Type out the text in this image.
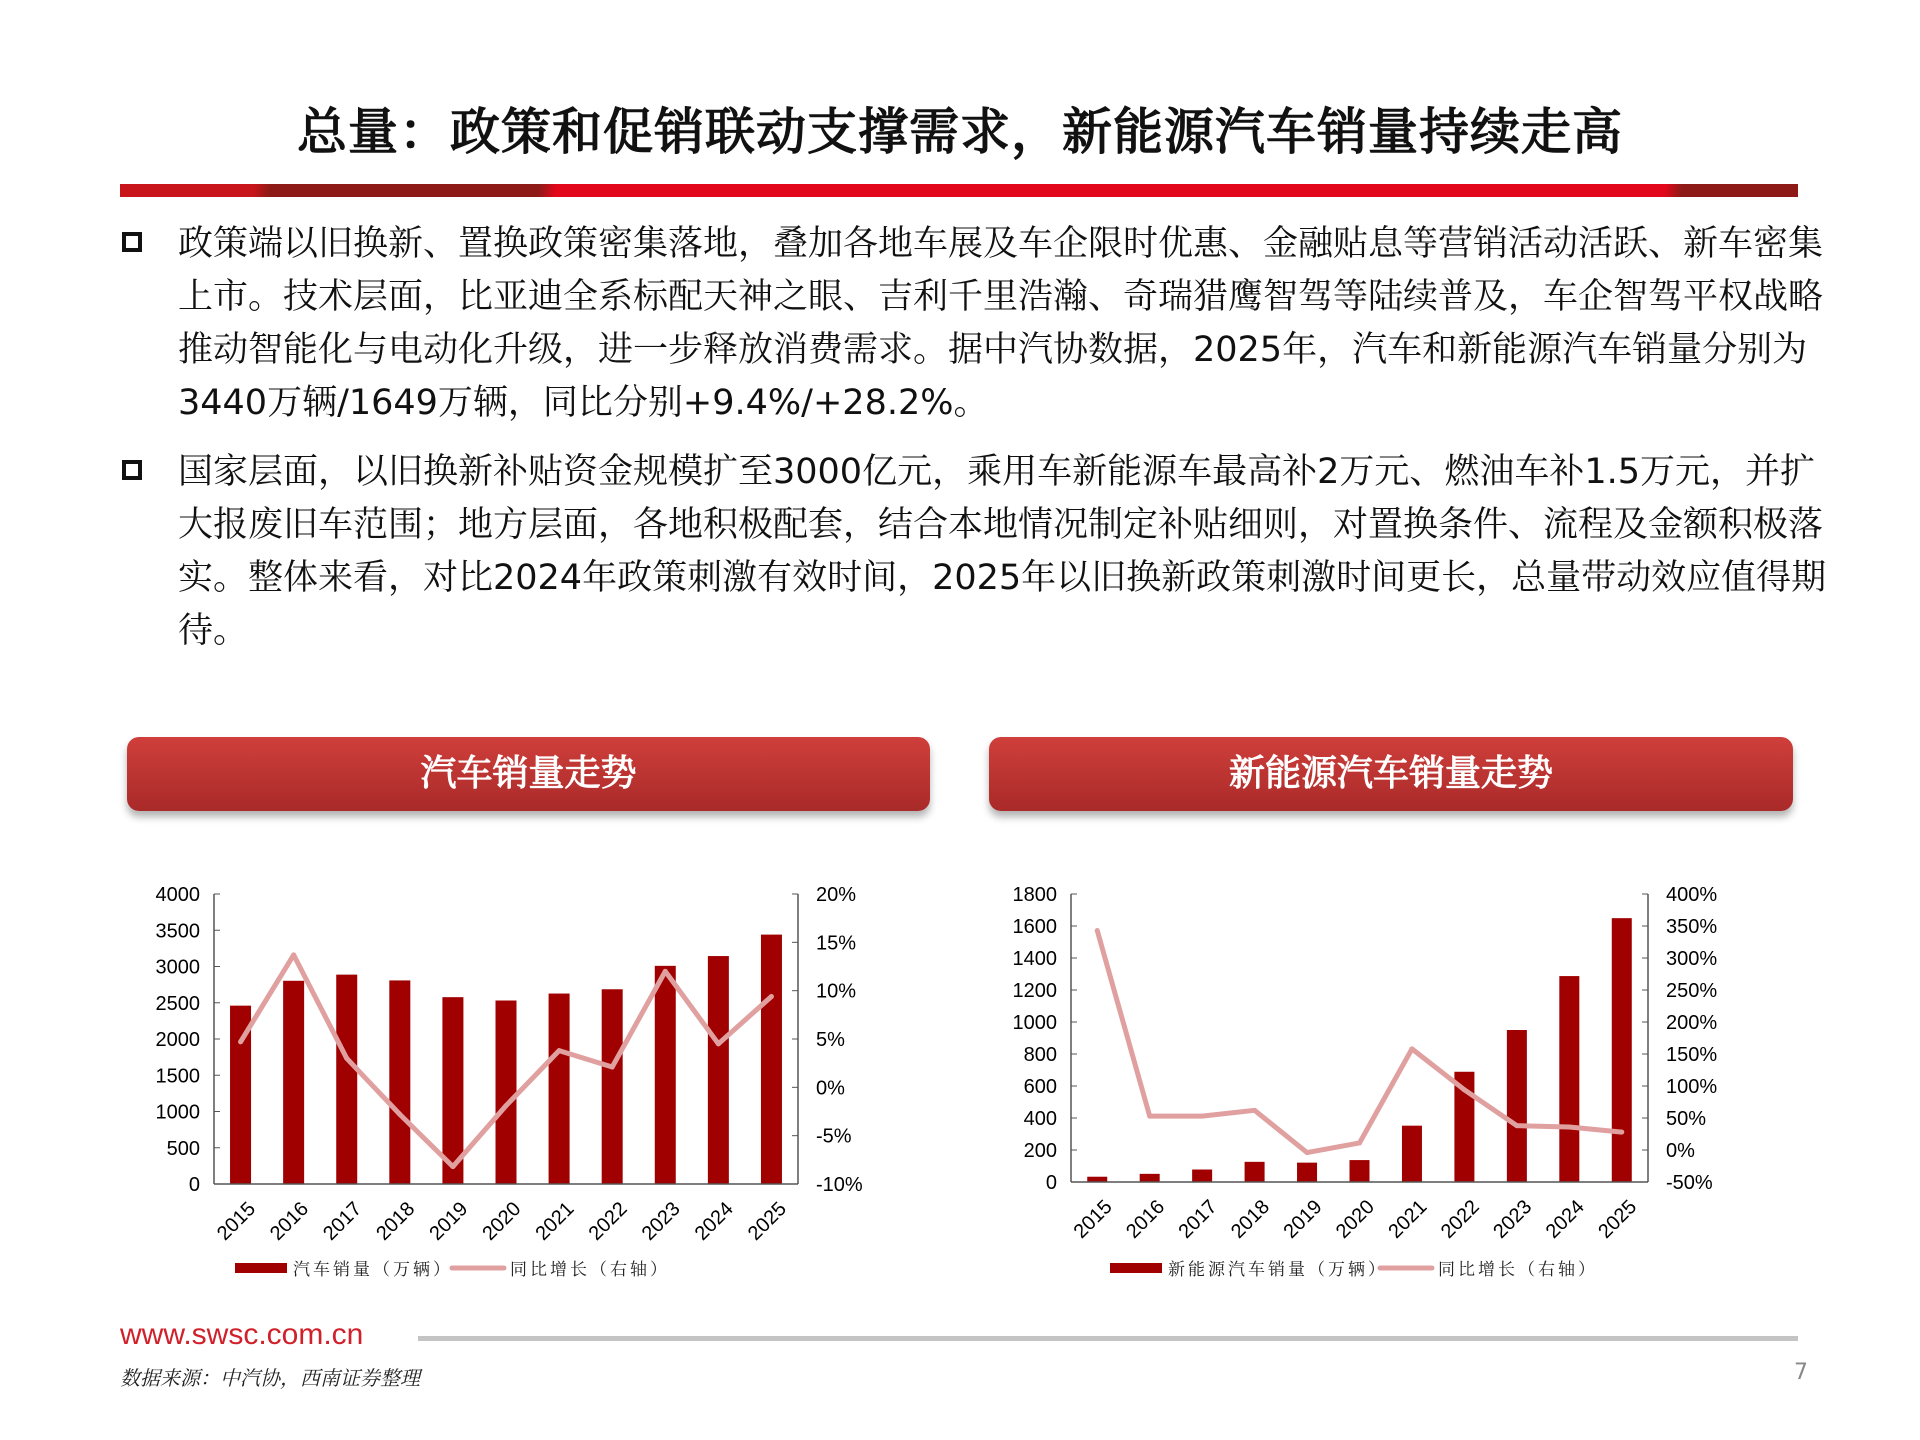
总量：政策和促销联动支撑需求，新能源汽车销量持续走高
政策端以旧换新、置换政策密集落地，叠加各地车展及车企限时优惠、金融贴息等营销活动活跃、新车密集上市。技术层面，比亚迪全系标配天神之眼、吉利千里浩瀚、奇瑞猎鹰智驾等陆续普及，车企智驾平权战略推动智能化与电动化升级，进一步释放消费需求。据中汽协数据，2025年，汽车和新能源汽车销量分别为3440万辆/1649万辆，同比分别+9.4%/+28.2%。
国家层面，以旧换新补贴资金规模扩至3000亿元，乘用车新能源车最高补2万元、燃油车补1.5万元，并扩大报废旧车范围；地方层面，各地积极配套，结合本地情况制定补贴细则，对置换条件、流程及金额积极落实。整体来看，对比2024年政策刺激有效时间，2025年以旧换新政策刺激时间更长，总量带动效应值得期待。
汽车销量走势	新能源汽车销量走势
0
500
1000
1500
2000
2500
3000
3500
4000
-10%
-5%
0%
5%
10%
15%
20%
2015 2016 2017 2018 2019 2020 2021 2022 2023 2024 2025
汽车销量（万辆）	同比增长（右轴）
0
200
400
600
800
1000
1200
1400
1600
1800
-50%
0%
50%
100%
150%
200%
250%
300%
350%
400%
2015 2016 2017 2018 2019 2020 2021 2022 2023 2024 2025
新能源汽车销量（万辆）	同比增长（右轴）
www.swsc.com.cn
数据来源：中汽协，西南证券整理	7
